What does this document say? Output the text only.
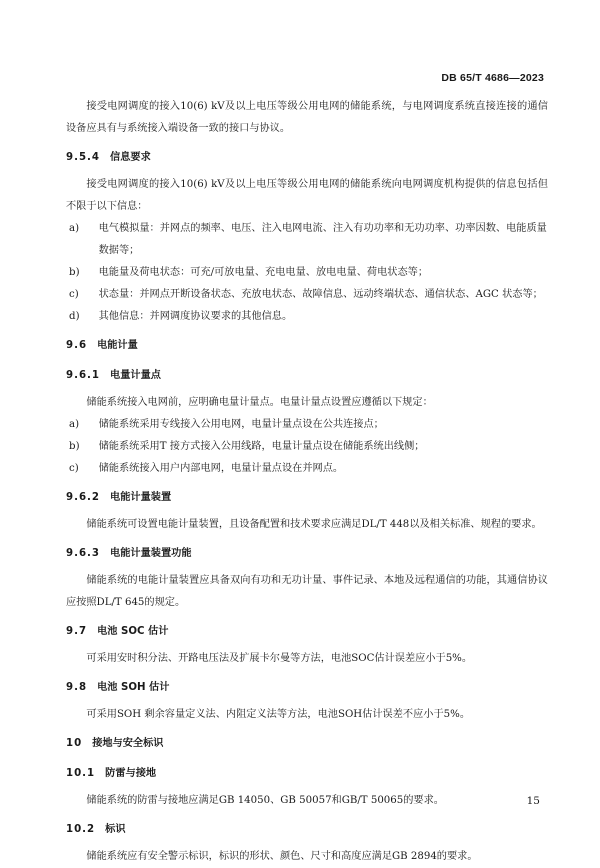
DB 65/T 4686—2023

接受电网调度的接入10(6) kV及以上电压等级公用电网的储能系统，与电网调度系统直接连接的通信设备应具有与系统接入端设备一致的接口与协议。

9.5.4 信息要求

接受电网调度的接入10(6) kV及以上电压等级公用电网的储能系统向电网调度机构提供的信息包括但不限于以下信息：

a)	电气模拟量：并网点的频率、电压、注入电网电流、注入有功功率和无功功率、功率因数、电能质量数据等；
b)	电能量及荷电状态：可充/可放电量、充电电量、放电电量、荷电状态等；
c)	状态量：并网点开断设备状态、充放电状态、故障信息、远动终端状态、通信状态、AGC 状态等；
d)	其他信息：并网调度协议要求的其他信息。
9.6 电能计量
9.6.1 电量计量点

储能系统接入电网前，应明确电量计量点。电量计量点设置应遵循以下规定：

a)	储能系统采用专线接入公用电网，电量计量点设在公共连接点；
b)	储能系统采用T 接方式接入公用线路，电量计量点设在储能系统出线侧；
c)	储能系统接入用户内部电网，电量计量点设在并网点。
9.6.2 电能计量装置

储能系统可设置电能计量装置，且设备配置和技术要求应满足DL/T 448以及相关标准、规程的要求。

9.6.3 电能计量装置功能

储能系统的电能计量装置应具备双向有功和无功计量、事件记录、本地及远程通信的功能，其通信协议应按照DL/T 645的规定。

9.7 电池 SOC 估计

可采用安时积分法、开路电压法及扩展卡尔曼等方法，电池SOC估计误差应小于5%。

9.8 电池 SOH 估计

可采用SOH 剩余容量定义法、内阻定义法等方法，电池SOH估计误差不应小于5%。

10 接地与安全标识
10.1 防雷与接地

储能系统的防雷与接地应满足GB 14050、GB 50057和GB/T 50065的要求。

10.2 标识

储能系统应有安全警示标识，标识的形状、颜色、尺寸和高度应满足GB 2894的要求。

15
